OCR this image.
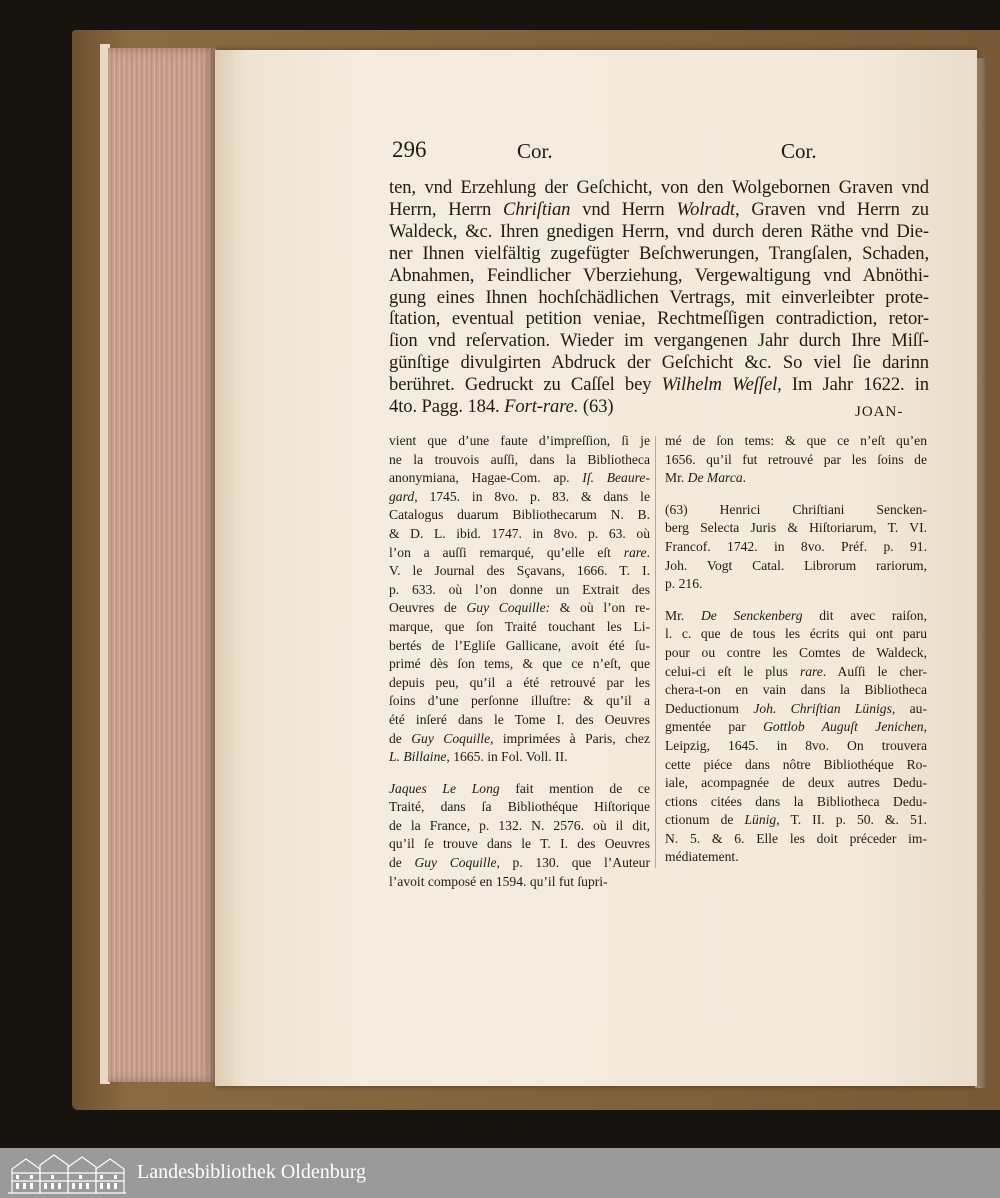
296	Cor.	Cor.
ten, vnd Erzehlung der Geſchicht, von den Wolgebornen Graven vnd
Herrn, Herrn Chriſtian vnd Herrn Wolradt, Graven vnd Herrn zu
Waldeck, &c. Ihren gnedigen Herrn, vnd durch deren Räthe vnd Die-
ner Ihnen vielfältig zugefügter Beſchwerungen, Trangſalen, Schaden,
Abnahmen, Feindlicher Vberziehung, Vergewaltigung vnd Abnöthi-
gung eines Ihnen hochſchädlichen Vertrags, mit einverleibter prote-
ſtation, eventual petition veniae, Rechtmeſſigen contradiction, retor-
ſion vnd reſervation. Wieder im vergangenen Jahr durch Ihre Miſſ-
günſtige divulgirten Abdruck der Geſchicht &c. So viel ſie darinn
berühret. Gedruckt zu Caſſel bey Wilhelm Weſſel, Im Jahr 1622. in
4to. Pagg. 184. Fort-rare. (63)	JOAN-
vient que d’une faute d’impreſſion, ſi je
ne la trouvois auſſi, dans la Bibliotheca
anonymiana, Hagae-Com. ap. Iſ. Beaure-
gard, 1745. in 8vo. p. 83. & dans le
Catalogus duarum Bibliothecarum N. B.
& D. L. ibid. 1747. in 8vo. p. 63. où
l’on a auſſi remarqué, qu’elle eſt rare.
V. le Journal des Sçavans, 1666. T. I.
p. 633. où l’on donne un Extrait des
Oeuvres de Guy Coquille: & où l’on re-
marque, que ſon Traité touchant les Li-
bertés de l’Egliſe Gallicane, avoit été ſu-
primé dès ſon tems, & que ce n’eſt, que
depuis peu, qu’il a été retrouvé par les
ſoins d’une perſonne illuſtre: & qu’il a
été inſeré dans le Tome I. des Oeuvres
de Guy Coquille, imprimées à Paris, chez
L. Billaine, 1665. in Fol. Voll. II.
Jaques Le Long fait mention de ce
Traité, dans ſa Bibliothéque Hiſtorique
de la France, p. 132. N. 2576. où il dit,
qu’il ſe trouve dans le T. I. des Oeuvres
de Guy Coquille, p. 130. que l’Auteur
l’avoit composé en 1594. qu’il fut ſupri-
mé de ſon tems: & que ce n’eſt qu’en
1656. qu’il fut retrouvé par les ſoins de
Mr. De Marca.
(63) Henrici Chriſtiani Sencken-
berg Selecta Juris & Hiſtoriarum, T. VI.
Francof. 1742. in 8vo. Préf. p. 91.
Joh. Vogt Catal. Librorum rariorum,
p. 216.
Mr. De Senckenberg dit avec raiſon,
l. c. que de tous les écrits qui ont paru
pour ou contre les Comtes de Waldeck,
celui-ci eſt le plus rare. Auſſi le cher-
chera-t-on en vain dans la Bibliotheca
Deductionum Joh. Chriſtian Lünigs, au-
gmentée par Gottlob Auguſt Jenichen,
Leipzig, 1645. in 8vo. On trouvera
cette piéce dans nôtre Bibliothéque Ro-
iale, acompagnée de deux autres Dedu-
ctions citées dans la Bibliotheca Dedu-
ctionum de Lünig, T. II. p. 50. &. 51.
N. 5. & 6. Elle les doit préceder im-
médiatement.
Landesbibliothek Oldenburg
